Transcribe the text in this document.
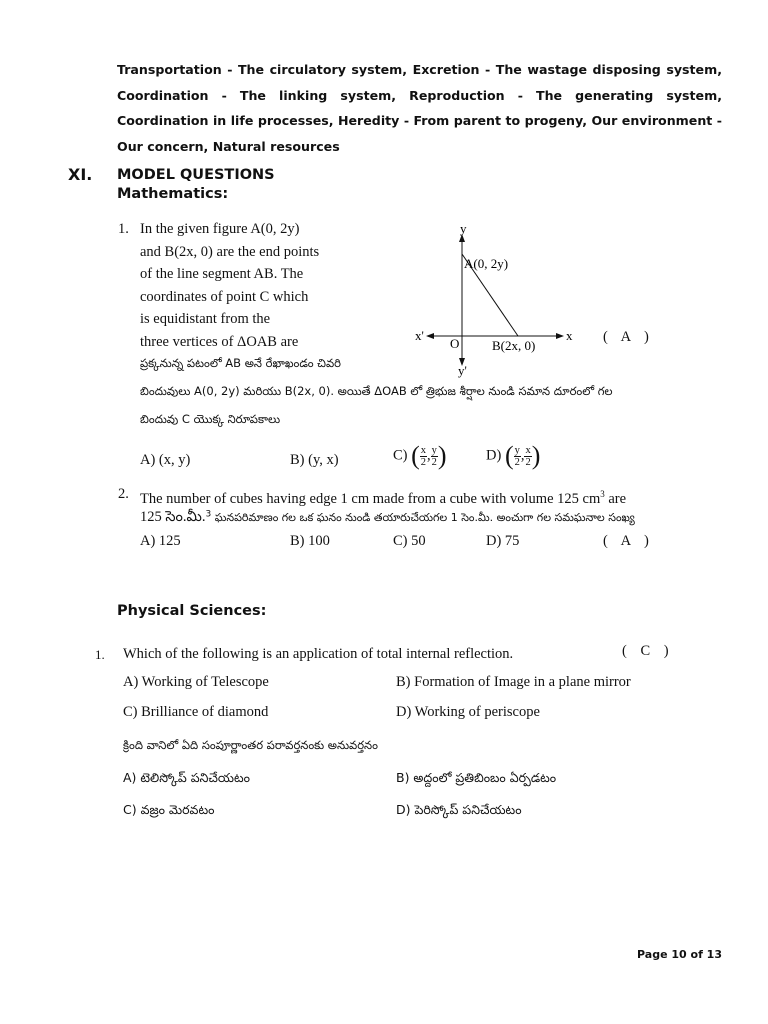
Transportation - The circulatory system, Excretion - The wastage disposing system, Coordination - The linking system, Reproduction - The generating system, Coordination in life processes, Heredity - From parent to progeny, Our environment - Our concern, Natural resources
XI. MODEL QUESTIONS
Mathematics:
1. In the given figure A(0, 2y)
and B(2x, 0) are the end points
of the line segment AB. The
coordinates of point C which
is equidistant from the
three vertices of ΔOAB are
y
A(0, 2y)
x'	x
O	B(2x, 0)
y'
( A )
ప్రక్కనున్న పటంలో AB అనే రేఖాఖండం చివరి
బిందువులు A(0, 2y) మరియు B(2x, 0). అయితే ΔOAB లో త్రిభుజ శీర్షాల నుండి సమాన దూరంలో గల
బిందువు C యొక్క నిరూపకాలు
A) (x, y)	B) (y, x)	C) ( $\frac{x}{2}$ , $\frac{y}{2}$ )	D) ( $\frac{y}{2}$ , $\frac{x}{2}$ )
2. The number of cubes having edge 1 cm made from a cube with volume 125 $cm^3$ are
125 సెం.మీ.$^3$ ఘనపరిమాణం గల ఒక ఘనం నుండి తయారుచేయగల 1 సెం.మీ. అంచుగా గల సమఘనాల సంఖ్య
A) 125	B) 100	C) 50	D) 75	( A )
Physical Sciences:
1. Which of the following is an application of total internal reflection.	( C )
A) Working of Telescope	B) Formation of Image in a plane mirror
C) Brilliance of diamond	D) Working of periscope
క్రింది వానిలో ఏది సంపూర్ణాంతర పరావర్తనంకు అనువర్తనం
A) టెలిస్కోప్ పనిచేయటం	B) అద్దంలో ప్రతిబింబం ఏర్పడటం
C) వజ్రం మెరవటం	D) పెరిస్కోప్ పనిచేయటం
Page 10 of 13
